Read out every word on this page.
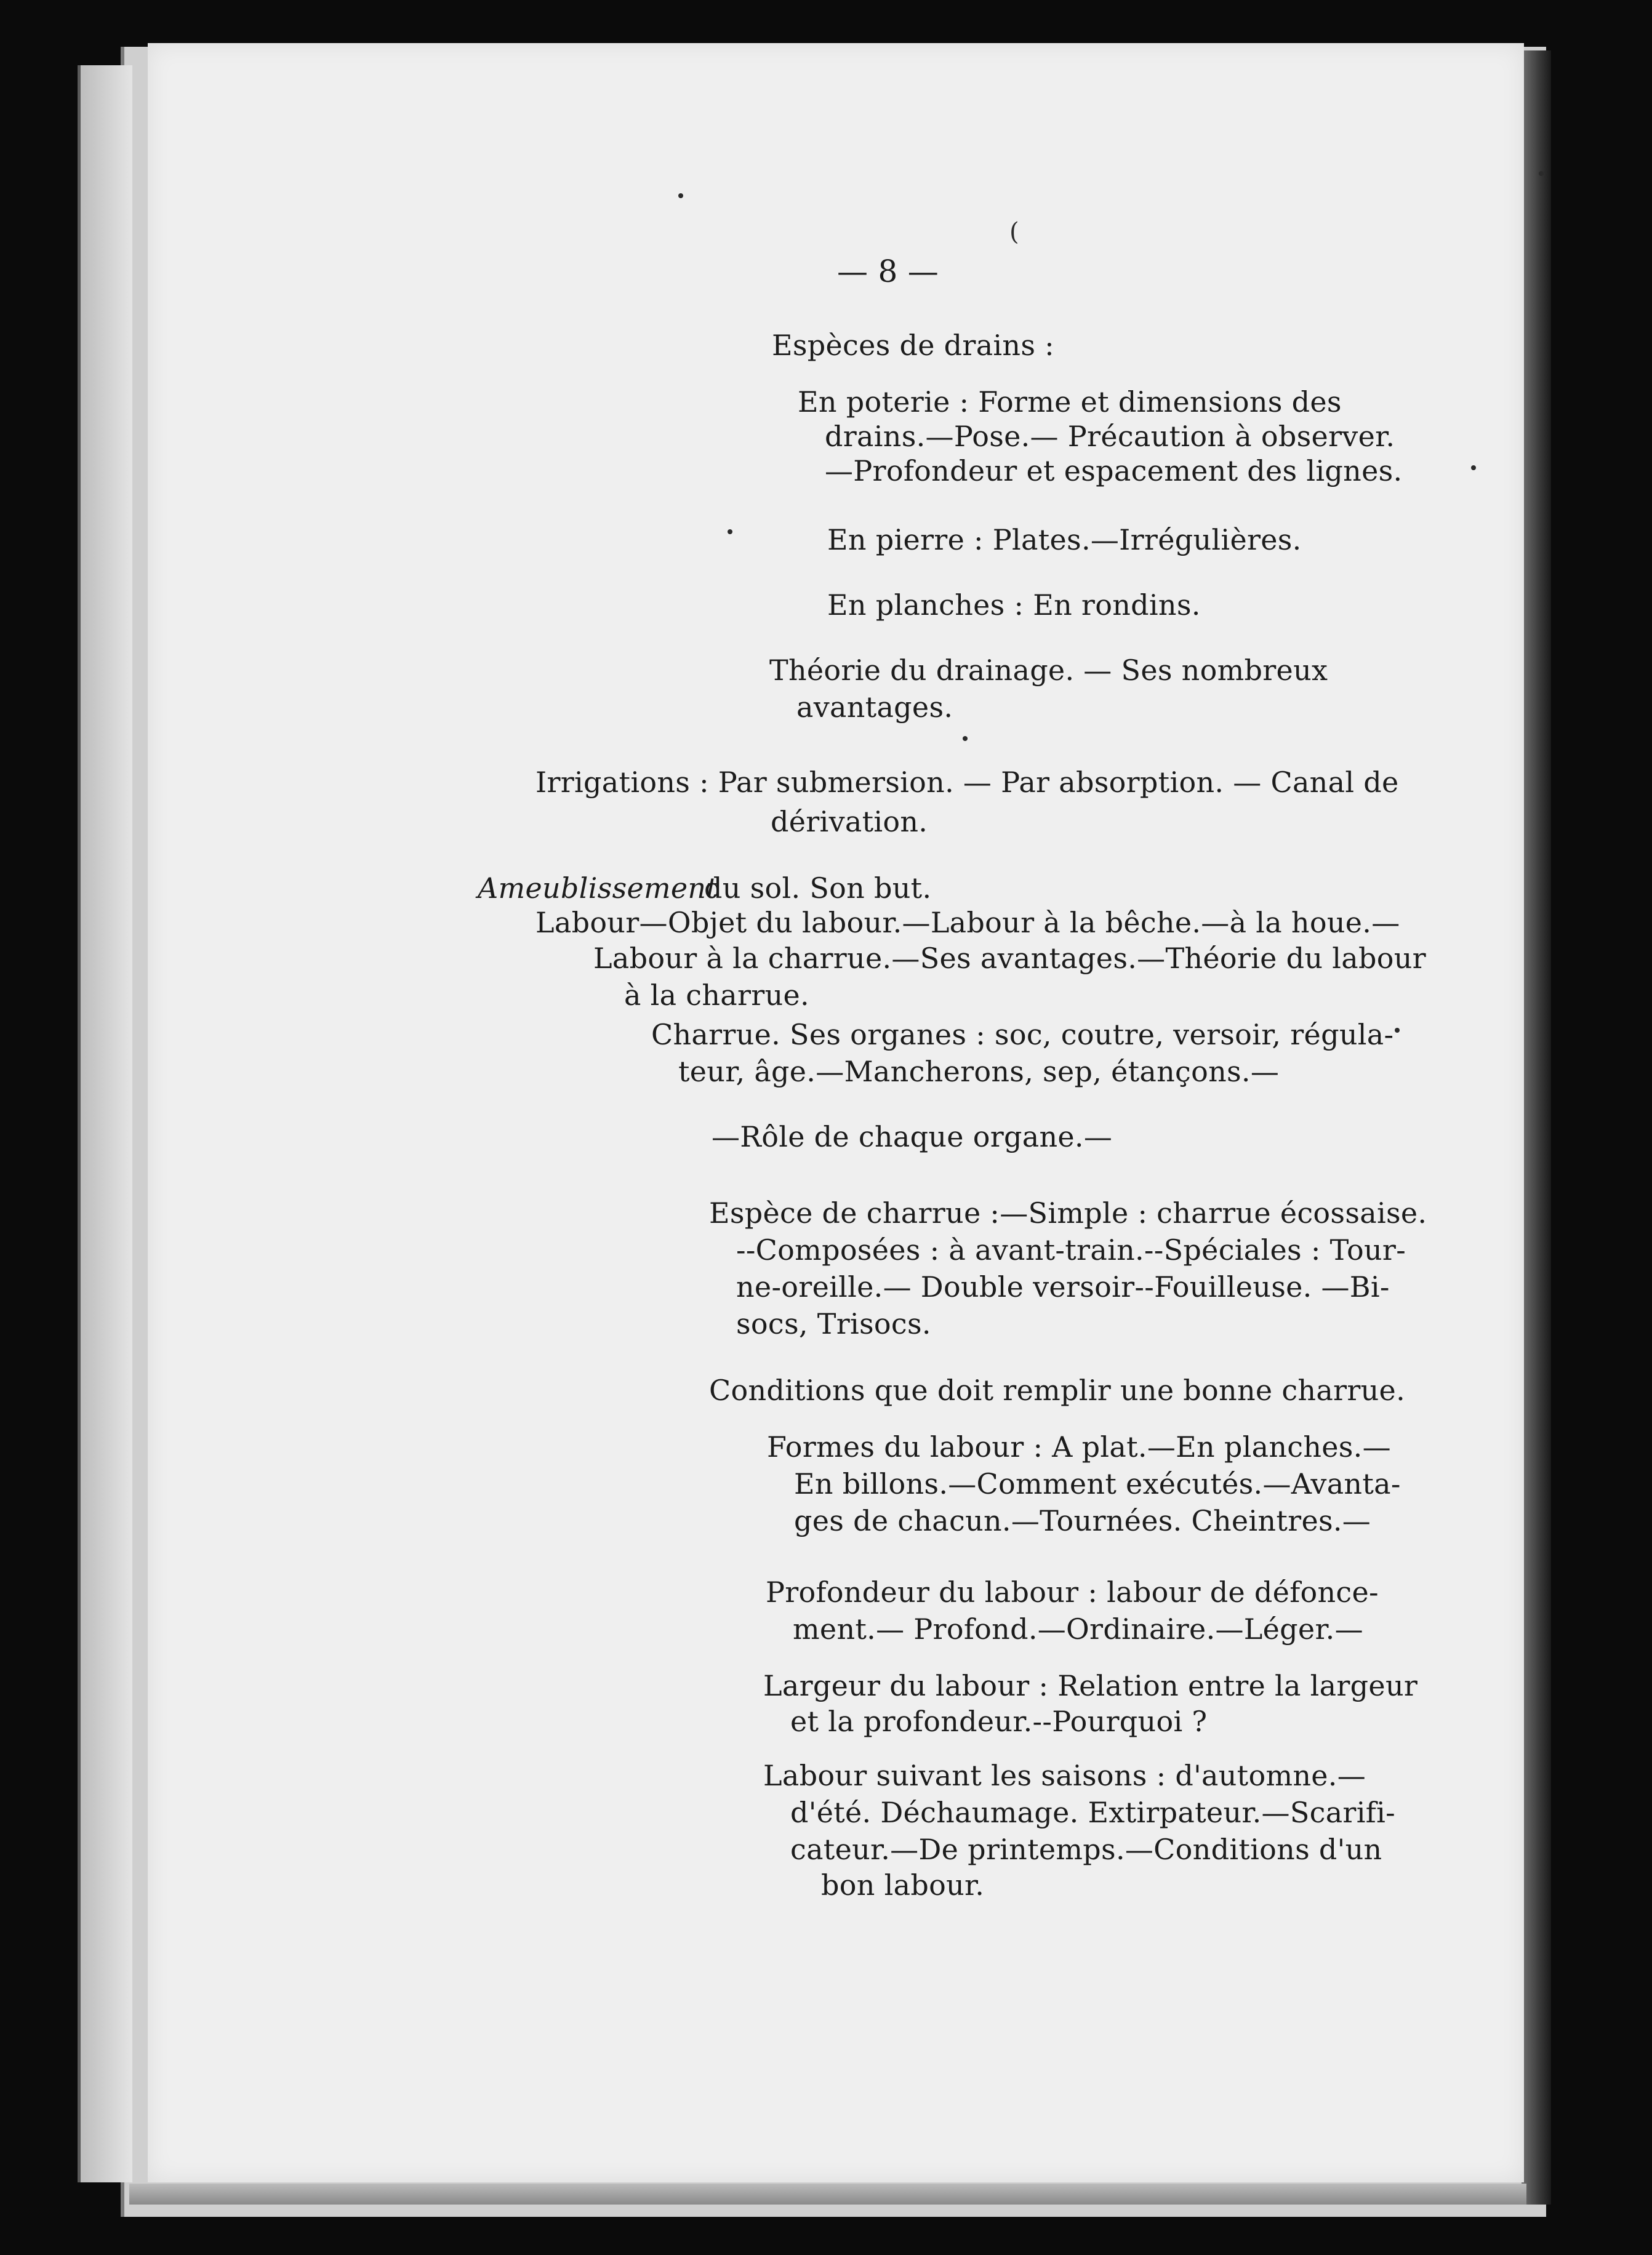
— 8 —
Espèces de drains :
En poterie : Forme et dimensions des
drains.—Pose.— Précaution à observer.
—Profondeur et espacement des lignes.
En pierre : Plates.—Irrégulières.
En planches : En rondins.
Théorie du drainage. — Ses nombreux
avantages.
Irrigations : Par submersion. — Par absorption. — Canal de
dérivation.
Ameublissement
du sol. Son but.
Labour—Objet du labour.—Labour à la bêche.—à la houe.—
Labour à la charrue.—Ses avantages.—Théorie du labour
à la charrue.
Charrue. Ses organes : soc, coutre, versoir, régula-
teur, âge.—Mancherons, sep, étançons.—
—Rôle de chaque organe.—
Espèce de charrue :—Simple : charrue écossaise.
--Composées : à avant-train.--Spéciales : Tour-
ne-oreille.— Double versoir--Fouilleuse. —Bi-
socs, Trisocs.
Conditions que doit remplir une bonne charrue.
Formes du labour : A plat.—En planches.—
En billons.—Comment exécutés.—Avanta-
ges de chacun.—Tournées. Cheintres.—
Profondeur du labour : labour de défonce-
ment.— Profond.—Ordinaire.—Léger.—
Largeur du labour : Relation entre la largeur
et la profondeur.--Pourquoi ?
Labour suivant les saisons : d'automne.—
d'été. Déchaumage. Extirpateur.—Scarifi-
cateur.—De printemps.—Conditions d'un
bon labour.
(
